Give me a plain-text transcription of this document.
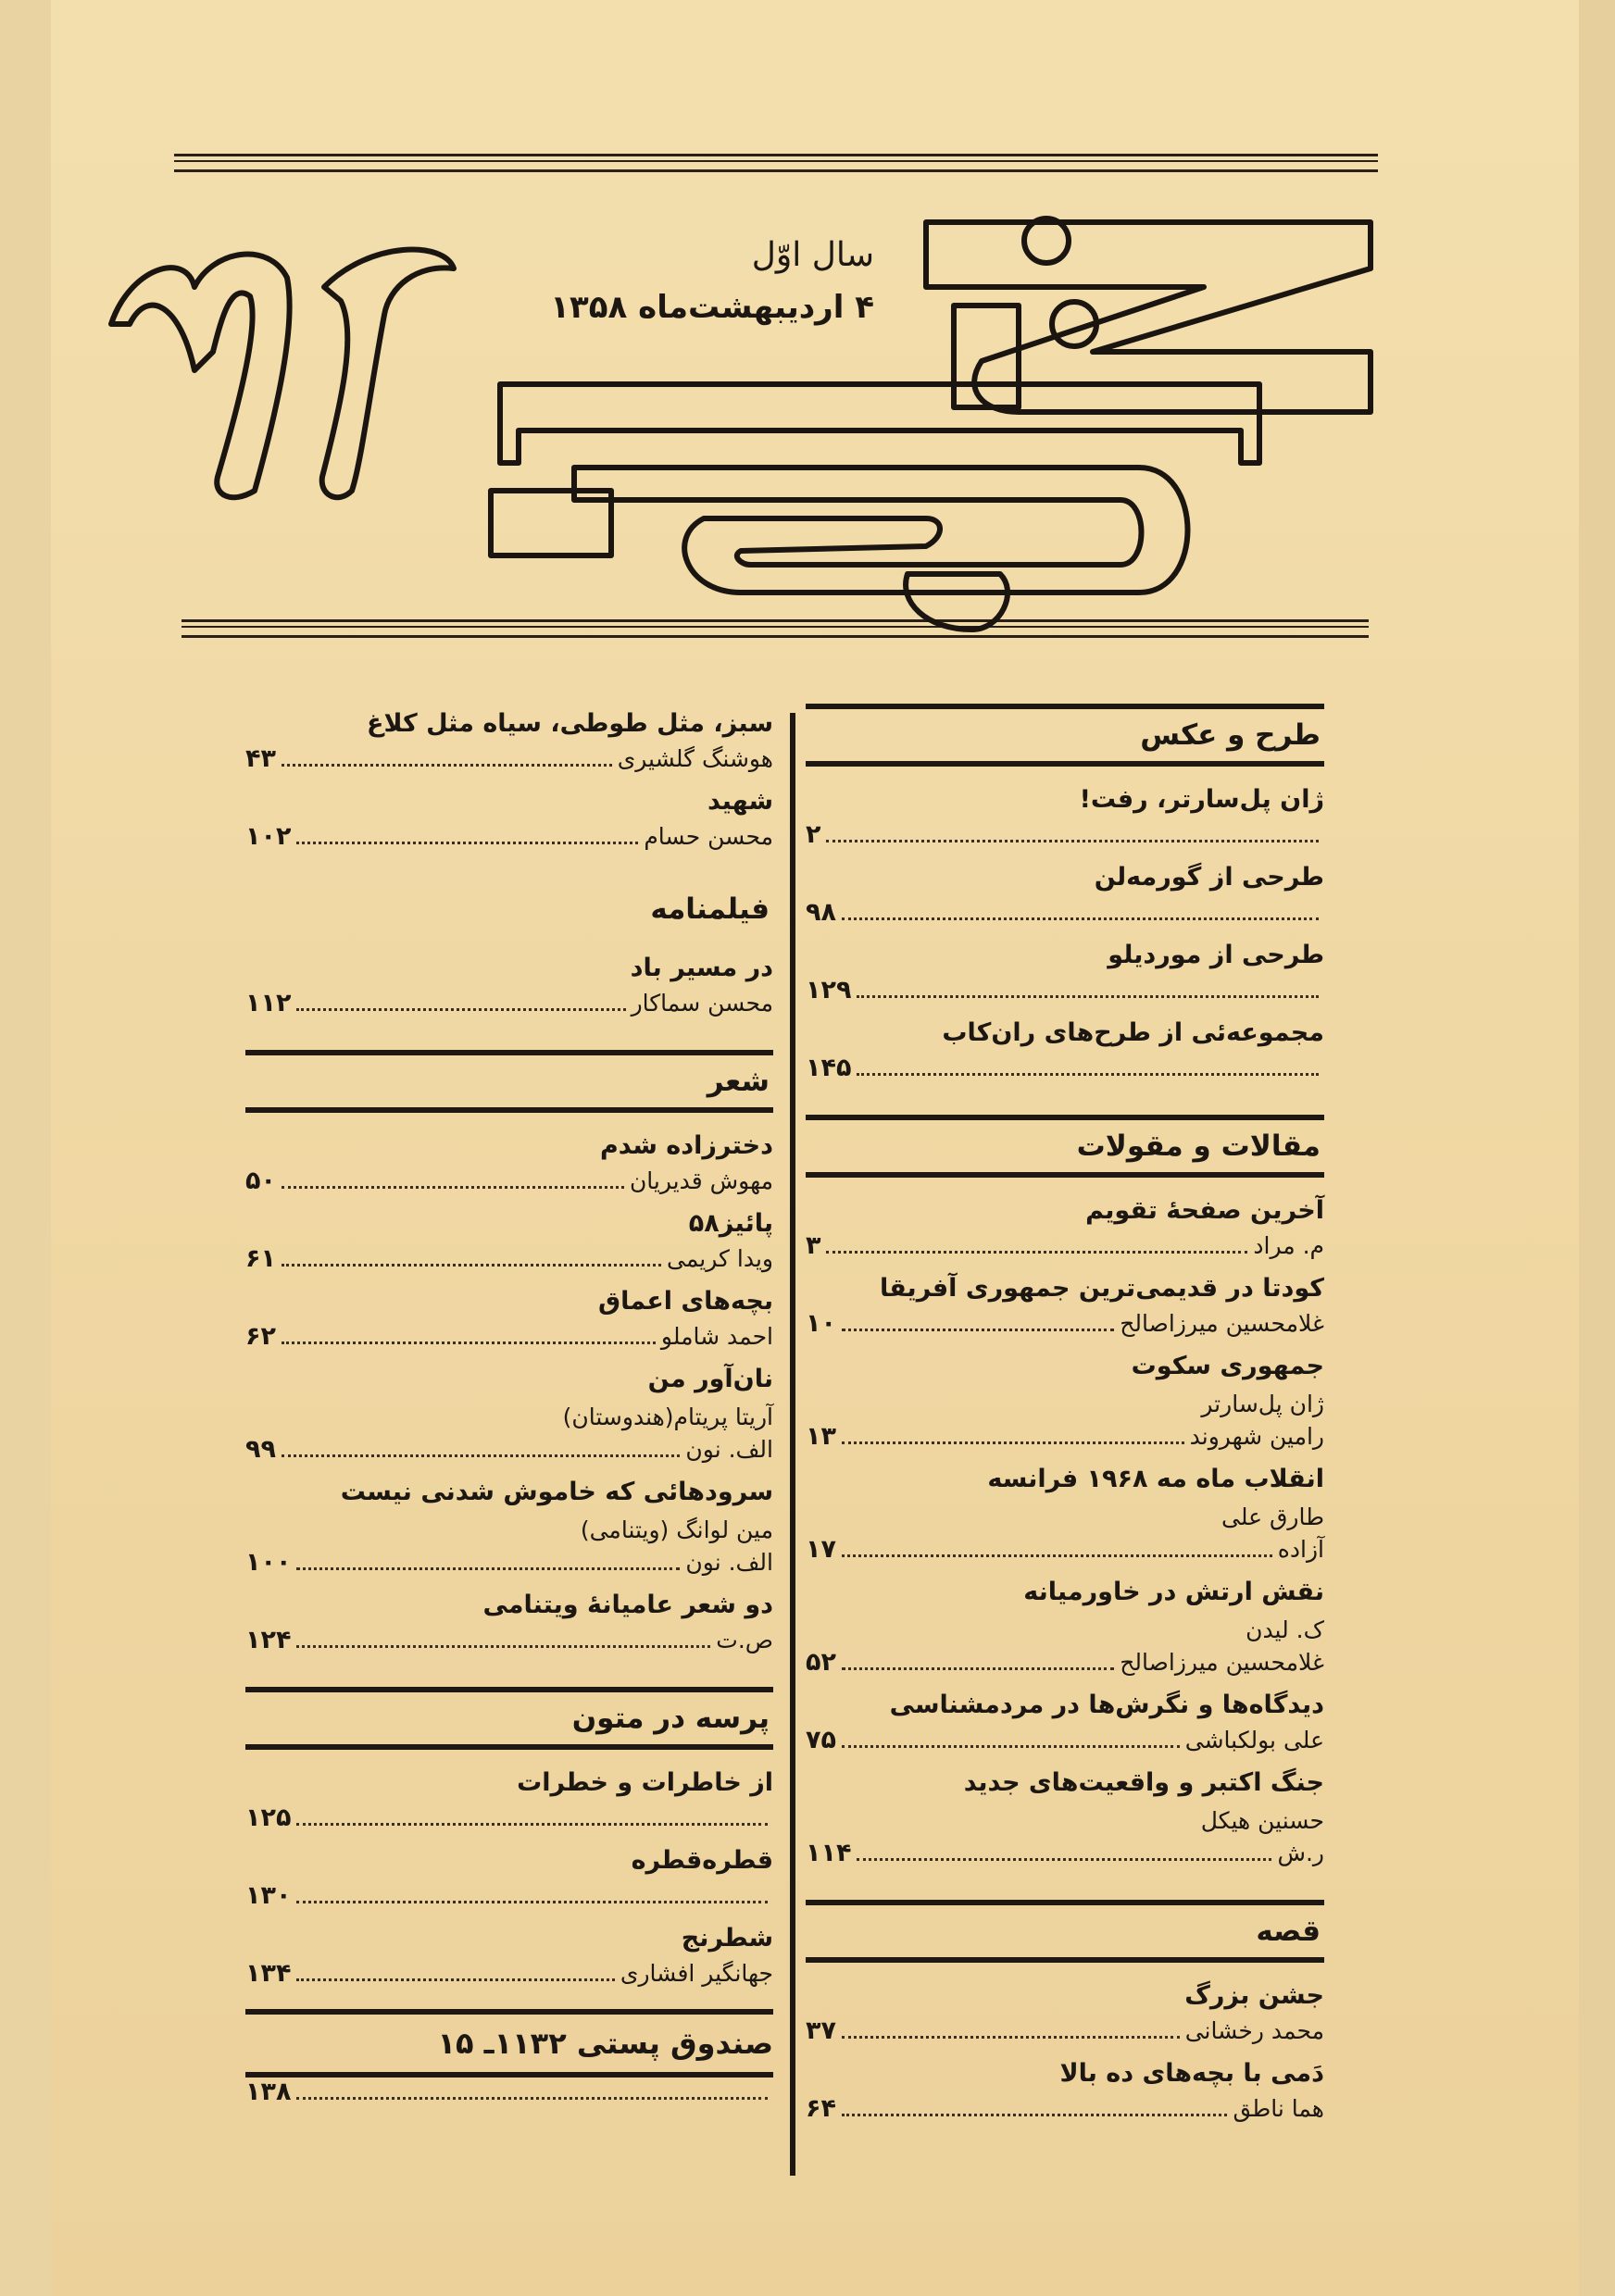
سال اوّل
۴ اردیبهشت‌ماه ۱۳۵۸
طرح و عکس
ژان پل‌سارتر، رفت!
۲
طرحی از گورمه‌لن
۹۸
طرحی از موردیلو
۱۲۹
مجموعه‌ئی از طرح‌های ران‌کاب
۱۴۵
مقالات و مقولات
آخرین صفحهٔ تقویم
م. مراد
۳
کودتا در قدیمی‌ترین جمهوری آفریقا
غلامحسین میرزاصالح
۱۰
جمهوری سکوت
ژان پل‌سارتر
رامین شهروند
۱۳
انقلاب ماه مه ۱۹۶۸ فرانسه
طارق علی
آزاده
۱۷
نقش ارتش در خاورمیانه
ک. لیدن
غلامحسین میرزاصالح
۵۲
دیدگاه‌ها و نگرش‌ها در مردمشناسی
علی بولکباشی
۷۵
جنگ اکتبر و واقعیت‌های جدید
حسنین هیکل
ر.ش
۱۱۴
قصه
جشن بزرگ
محمد رخشانی
۳۷
دَمی با بچه‌های ده بالا
هما ناطق
۶۴
سبز، مثل طوطی، سیاه مثل کلاغ
هوشنگ گلشیری
۴۳
شهید
محسن حسام
۱۰۲
فیلمنامه
در مسیر باد
محسن سماکار
۱۱۲
شعر
دخترزاده شدم
مهوش قدیریان
۵۰
پائیز۵۸
ویدا کریمی
۶۱
بچه‌های اعماق
احمد شاملو
۶۲
نان‌آور من
آریتا پریتام(هندوستان)
الف. نون
۹۹
سرودهائی که خاموش شدنی نیست
مین لوانگ (ویتنامی)
الف. نون
۱۰۰
دو شعر عامیانهٔ ویتنامی
ص.ت
۱۲۴
پرسه در متون
از خاطرات و خطرات
۱۲۵
قطره‌قطره
۱۳۰
شطرنج
جهانگیر افشاری
۱۳۴
صندوق پستی ۱۱۳۲ـ ۱۵
۱۳۸
